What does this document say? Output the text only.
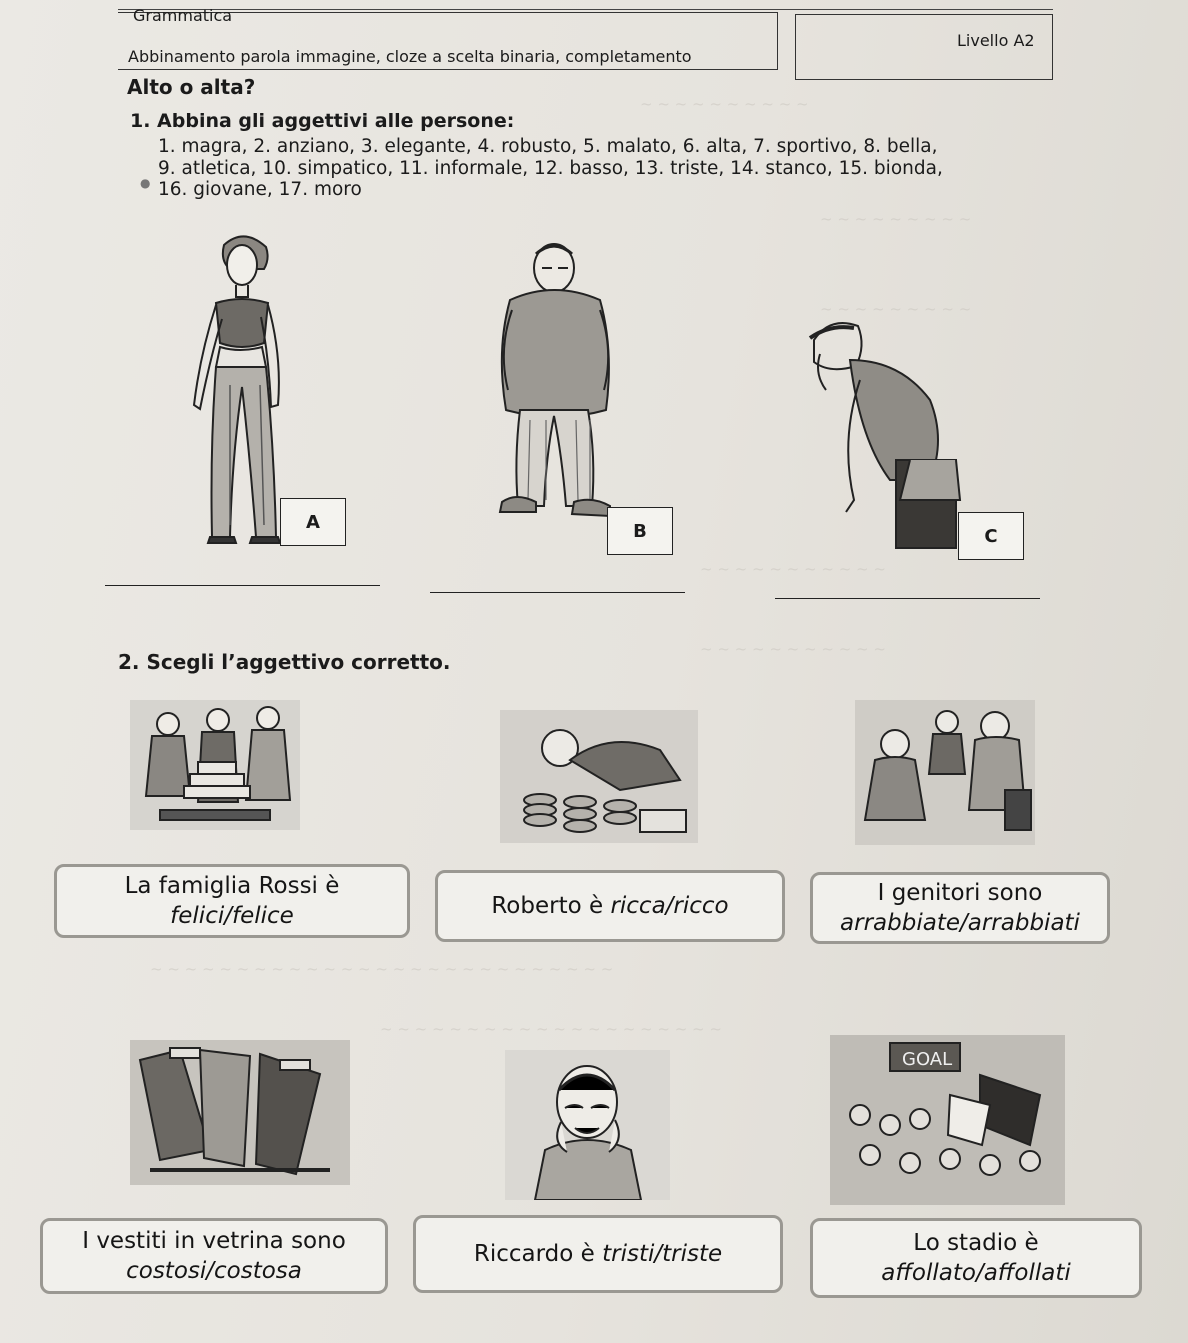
~ ~ ~ ~ ~ ~ ~ ~ ~ ~
~ ~ ~ ~ ~ ~ ~ ~ ~
~ ~ ~ ~ ~ ~ ~ ~ ~
~ ~ ~ ~ ~ ~ ~ ~ ~ ~ ~
~ ~ ~ ~ ~ ~ ~ ~ ~ ~ ~
~ ~ ~ ~ ~ ~ ~ ~ ~ ~ ~ ~ ~ ~ ~ ~ ~ ~ ~ ~ ~ ~ ~ ~ ~ ~ ~
~ ~ ~ ~ ~ ~ ~ ~ ~ ~ ~ ~ ~ ~ ~ ~ ~ ~ ~ ~
Grammatica
Abbinamento parola immagine, cloze a scelta binaria, completamento
Livello A2
Alto o alta?
1. Abbina gli aggettivi alle persone:
1. magra, 2. anziano, 3. elegante, 4. robusto, 5. malato, 6. alta, 7. sportivo, 8. bella,
9. atletica, 10. simpatico, 11. informale, 12. basso, 13. triste, 14. stanco, 15. bionda,
16. giovane, 17. moro
●
A	B	C
2. Scegli l’aggettivo corretto.
La famiglia Rossi è
felici/felice	Roberto è
ricca/ricco	I genitori sono
arrabbiate/arrabbiati
GOAL
I vestiti in vetrina sono
costosi/costosa
Riccardo è
tristi/triste	Lo stadio è
affollato/affollati
